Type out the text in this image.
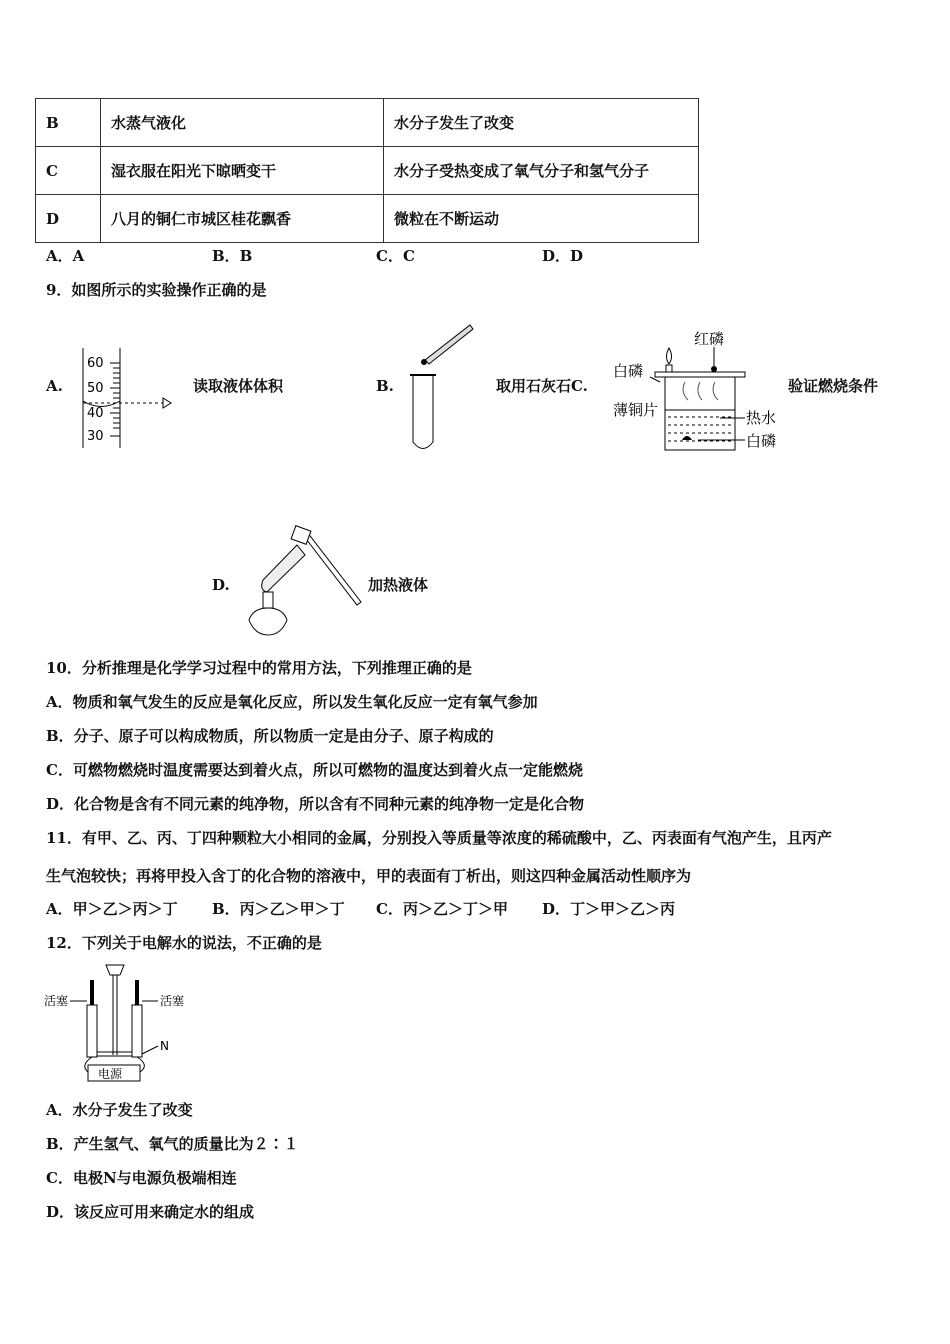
B	水蒸气液化	水分子发生了改变
C	湿衣服在阳光下晾晒变干	水分子受热变成了氧气分子和氢气分子
D	八月的铜仁市城区桂花飘香	微粒在不断运动
A．A	B．B	C．C	D．D
9．如图所示的实验操作正确的是
A.
60
50
40
30
读取液体体积	B.	取用石灰石C.
红磷
白磷
薄铜片	热水
白磷
验证燃烧条件
D.	加热液体
10．分析推理是化学学习过程中的常用方法，下列推理正确的是
A．物质和氧气发生的反应是氧化反应，所以发生氧化反应一定有氧气参加
B．分子、原子可以构成物质，所以物质一定是由分子、原子构成的
C．可燃物燃烧时温度需要达到着火点，所以可燃物的温度达到着火点一定能燃烧
D．化合物是含有不同元素的纯净物，所以含有不同种元素的纯净物一定是化合物
11．有甲、乙、丙、丁四种颗粒大小相同的金属，分别投入等质量等浓度的稀硫酸中，乙、丙表面有气泡产生，且丙产
生气泡较快；再将甲投入含丁的化合物的溶液中，甲的表面有丁析出，则这四种金属活动性顺序为
A．甲＞乙＞丙＞丁 B．丙＞乙＞甲＞丁 C．丙＞乙＞丁＞甲 D．丁＞甲＞乙＞丙
12．下列关于电解水的说法，不正确的是
活塞	活塞
N
电源
A．水分子发生了改变
B．产生氢气、氧气的质量比为２∶１
C．电极N与电源负极端相连
D．该反应可用来确定水的组成
